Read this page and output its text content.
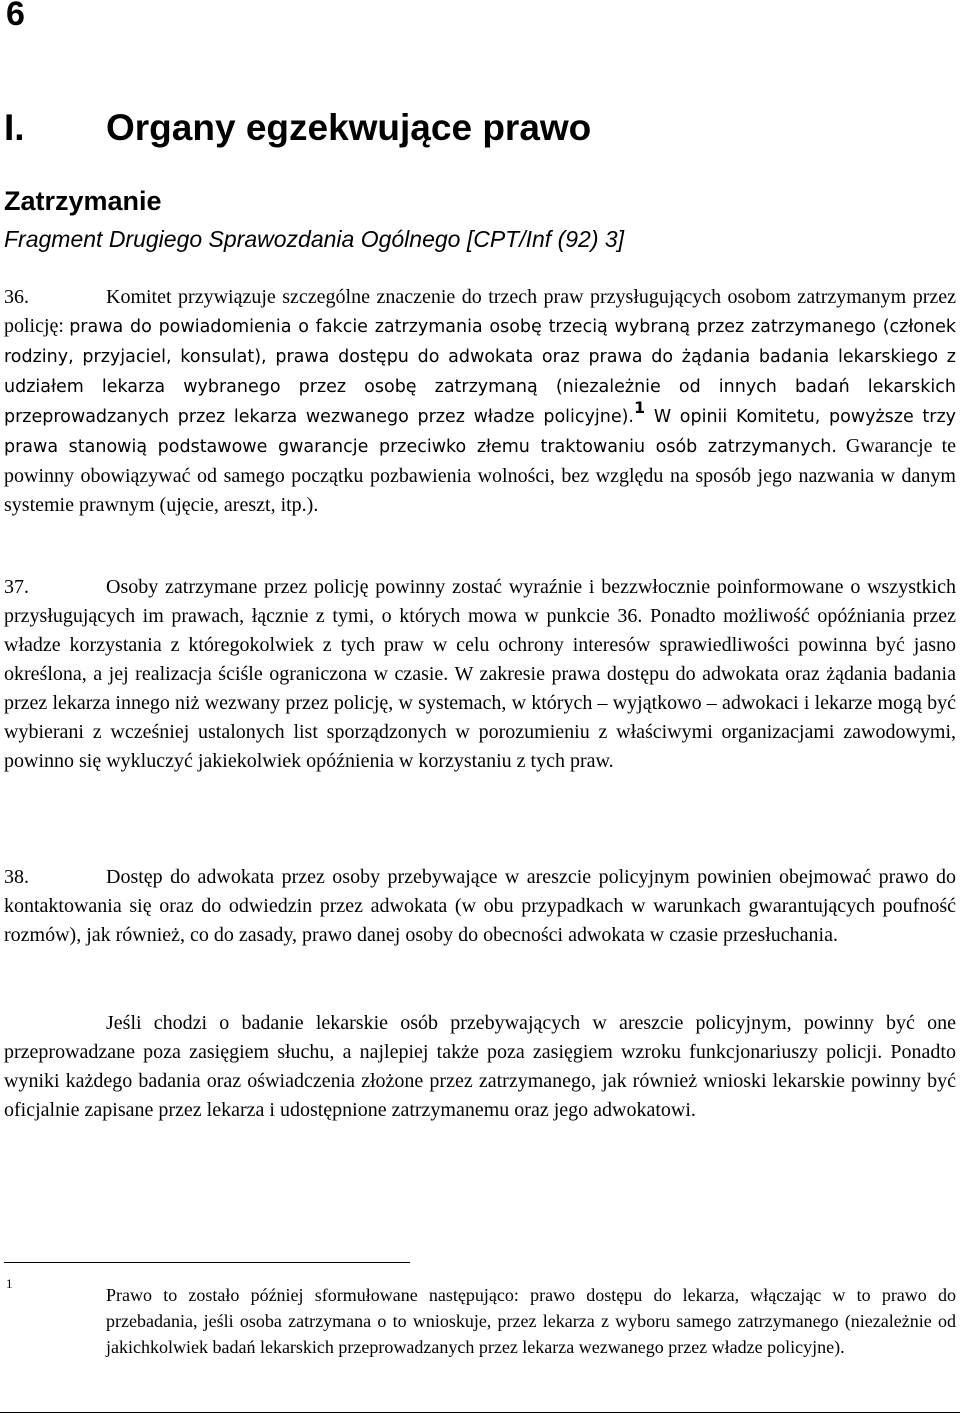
6
I. Organy egzekwujące prawo
Zatrzymanie
Fragment Drugiego Sprawozdania Ogólnego [CPT/Inf (92) 3]

36.	Komitet przywiązuje szczególne znaczenie do trzech praw przysługujących osobom zatrzymanym przez policję: prawa do powiadomienia o fakcie zatrzymania osobę trzecią wybraną przez zatrzymanego (członek rodziny, przyjaciel, konsulat), prawa dostępu do adwokata oraz prawa do żądania badania lekarskiego z udziałem lekarza wybranego przez osobę zatrzymaną (niezależnie od innych badań lekarskich przeprowadzanych przez lekarza wezwanego przez władze policyjne).$^1$ W opinii Komitetu, powyższe trzy prawa stanowią podstawowe gwarancje przeciwko złemu traktowaniu osób zatrzymanych. Gwarancje te powinny obowiązywać od samego początku pozbawienia wolności, bez względu na sposób jego nazwania w danym systemie prawnym (ujęcie, areszt, itp.).

37.	Osoby zatrzymane przez policję powinny zostać wyraźnie i bezzwłocznie poinformowane o wszystkich przysługujących im prawach, łącznie z tymi, o których mowa w punkcie 36. Ponadto możliwość opóźniania przez władze korzystania z któregokolwiek z tych praw w celu ochrony interesów sprawiedliwości powinna być jasno określona, a jej realizacja ściśle ograniczona w czasie. W zakresie prawa dostępu do adwokata oraz żądania badania przez lekarza innego niż wezwany przez policję, w systemach, w których – wyjątkowo – adwokaci i lekarze mogą być wybierani z wcześniej ustalonych list sporządzonych w porozumieniu z właściwymi organizacjami zawodowymi, powinno się wykluczyć jakiekolwiek opóźnienia w korzystaniu z tych praw.

38.	Dostęp do adwokata przez osoby przebywające w areszcie policyjnym powinien obejmować prawo do kontaktowania się oraz do odwiedzin przez adwokata (w obu przypadkach w warunkach gwarantujących poufność rozmów), jak również, co do zasady, prawo danej osoby do obecności adwokata w czasie przesłuchania.

Jeśli chodzi o badanie lekarskie osób przebywających w areszcie policyjnym, powinny być one przeprowadzane poza zasięgiem słuchu, a najlepiej także poza zasięgiem wzroku funkcjonariuszy policji. Ponadto wyniki każdego badania oraz oświadczenia złożone przez zatrzymanego, jak również wnioski lekarskie powinny być oficjalnie zapisane przez lekarza i udostępnione zatrzymanemu oraz jego adwokatowi.

1

Prawo to zostało później sformułowane następująco: prawo dostępu do lekarza, włączając w to prawo do przebadania, jeśli osoba zatrzymana o to wnioskuje, przez lekarza z wyboru samego zatrzymanego (niezależnie od jakichkolwiek badań lekarskich przeprowadzanych przez lekarza wezwanego przez władze policyjne).
